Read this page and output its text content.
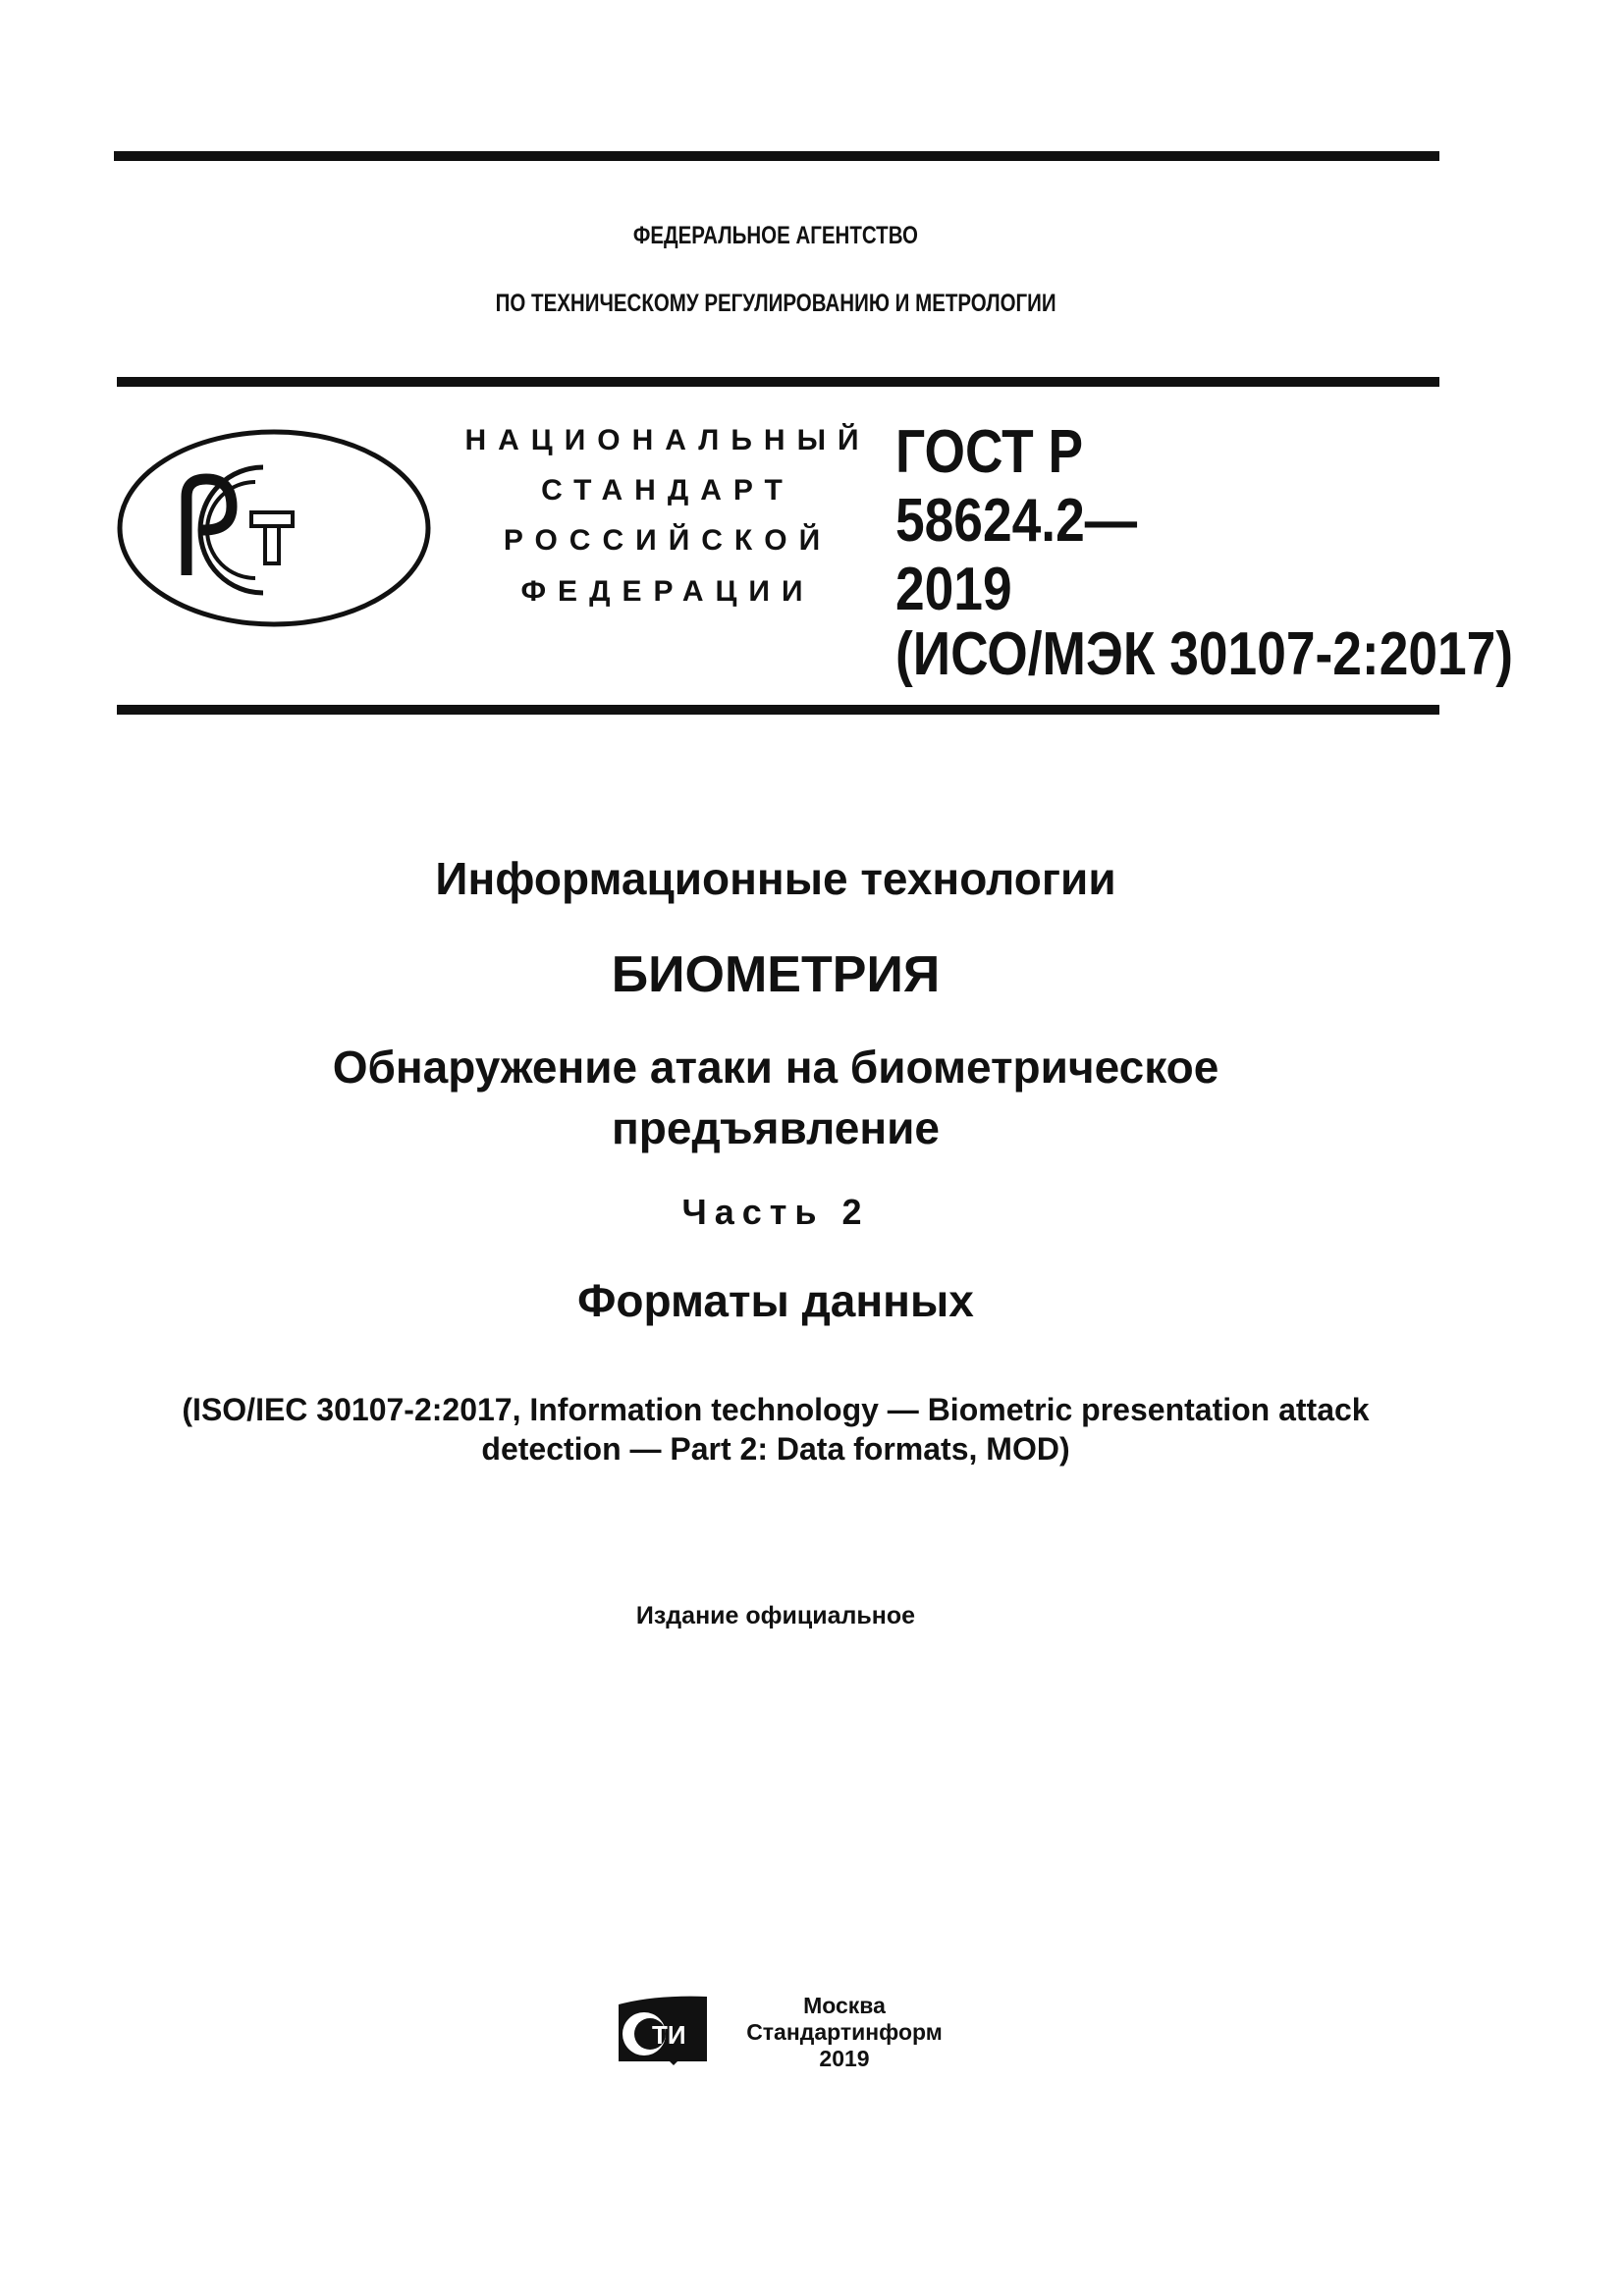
ФЕДЕРАЛЬНОЕ АГЕНТСТВО
ПО ТЕХНИЧЕСКОМУ РЕГУЛИРОВАНИЮ И МЕТРОЛОГИИ
НАЦИОНАЛЬНЫЙ
СТАНДАРТ
РОССИЙСКОЙ
ФЕДЕРАЦИИ
ГОСТ Р
58624.2—
2019
(ИСО/МЭК 30107-2:2017)
Информационные технологии
БИОМЕТРИЯ
Обнаружение атаки на биометрическое
предъявление
Часть 2
Форматы данных
(ISO/IEC 30107-2:2017, Information technology — Biometric presentation attack
detection — Part 2: Data formats, MOD)
Издание официальное
ТИ
Москва
Стандартинформ
2019
